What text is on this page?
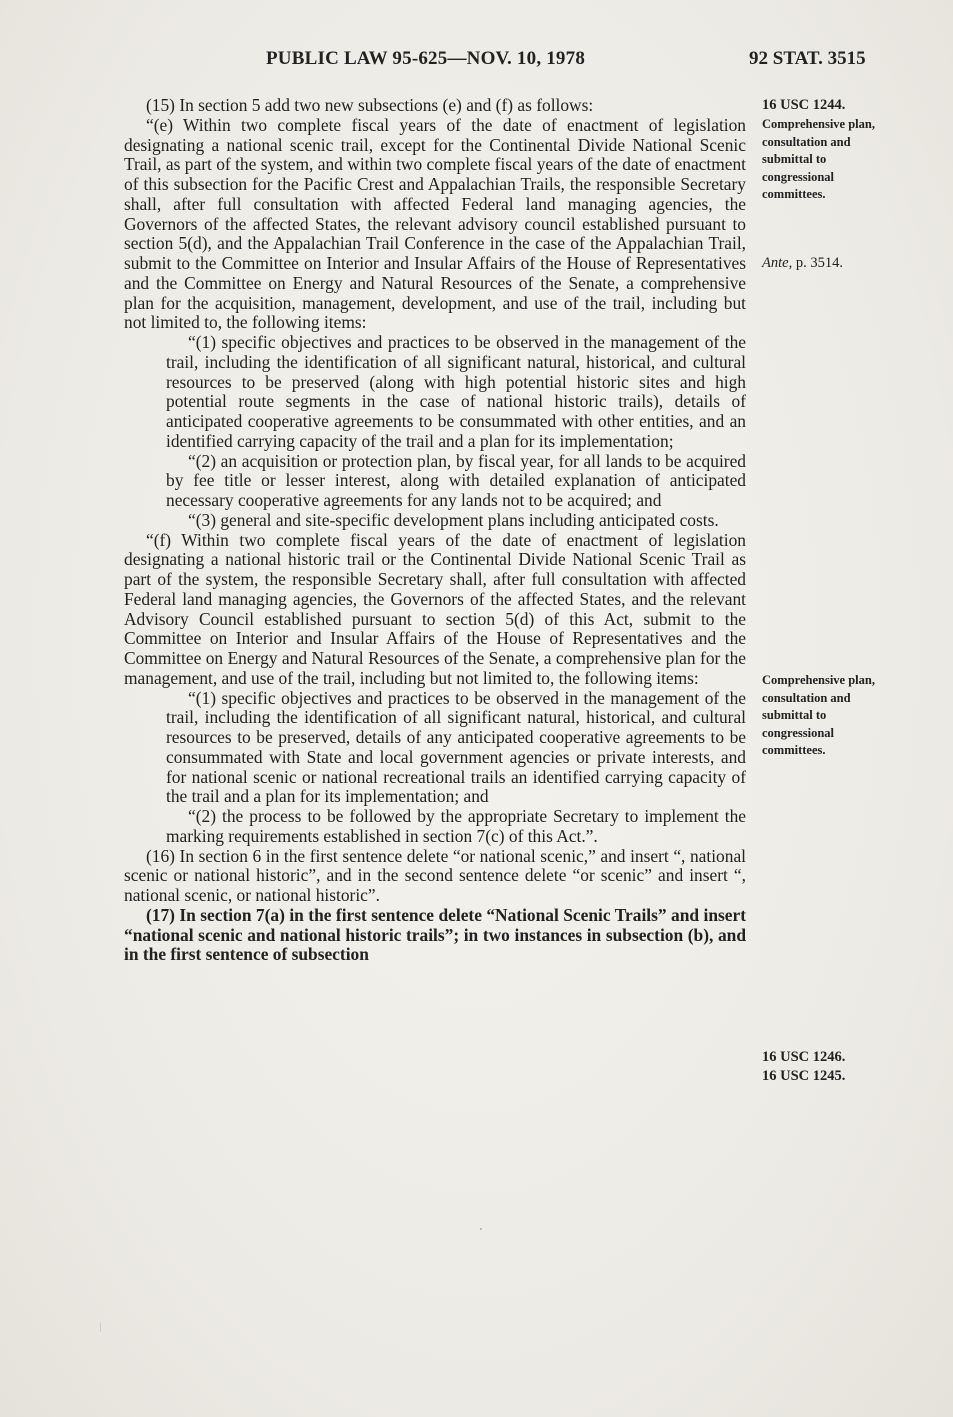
PUBLIC LAW 95-625—NOV. 10, 1978	92 STAT. 3515

(15) In section 5 add two new subsections (e) and (f) as follows:

“(e) Within two complete fiscal years of the date of enactment of legislation designating a national scenic trail, except for the Continental Divide National Scenic Trail, as part of the system, and within two complete fiscal years of the date of enactment of this subsection for the Pacific Crest and Appalachian Trails, the responsible Secretary shall, after full consultation with affected Federal land managing agencies, the Governors of the affected States, the relevant advisory council established pursuant to section 5(d), and the Appalachian Trail Conference in the case of the Appalachian Trail, submit to the Committee on Interior and Insular Affairs of the House of Representatives and the Committee on Energy and Natural Resources of the Senate, a comprehensive plan for the acquisition, management, development, and use of the trail, including but not limited to, the following items:

“(1) specific objectives and practices to be observed in the management of the trail, including the identification of all significant natural, historical, and cultural resources to be preserved (along with high potential historic sites and high potential route segments in the case of national historic trails), details of anticipated cooperative agreements to be consummated with other entities, and an identified carrying capacity of the trail and a plan for its implementation;

“(2) an acquisition or protection plan, by fiscal year, for all lands to be acquired by fee title or lesser interest, along with detailed explanation of anticipated necessary cooperative agreements for any lands not to be acquired; and

“(3) general and site-specific development plans including anticipated costs.

“(f) Within two complete fiscal years of the date of enactment of legislation designating a national historic trail or the Continental Divide National Scenic Trail as part of the system, the responsible Secretary shall, after full consultation with affected Federal land managing agencies, the Governors of the affected States, and the relevant Advisory Council established pursuant to section 5(d) of this Act, submit to the Committee on Interior and Insular Affairs of the House of Representatives and the Committee on Energy and Natural Resources of the Senate, a comprehensive plan for the management, and use of the trail, including but not limited to, the following items:

“(1) specific objectives and practices to be observed in the management of the trail, including the identification of all significant natural, historical, and cultural resources to be preserved, details of any anticipated cooperative agreements to be consummated with State and local government agencies or private interests, and for national scenic or national recreational trails an identified carrying capacity of the trail and a plan for its implementation; and

“(2) the process to be followed by the appropriate Secretary to implement the marking requirements established in section 7(c) of this Act.”.

(16) In section 6 in the first sentence delete “or national scenic,” and insert “, national scenic or national historic”, and in the second sentence delete “or scenic” and insert “, national scenic, or national historic”.

(17) In section 7(a) in the first sentence delete “National Scenic Trails” and insert “national scenic and national historic trails”; in two instances in subsection (b), and in the first sentence of subsection

16 USC 1244.
Comprehensive plan, consultation and submittal to congressional committees.
Ante, p. 3514.
Comprehensive plan, consultation and submittal to congressional committees.
16 USC 1246.
16 USC 1245.
